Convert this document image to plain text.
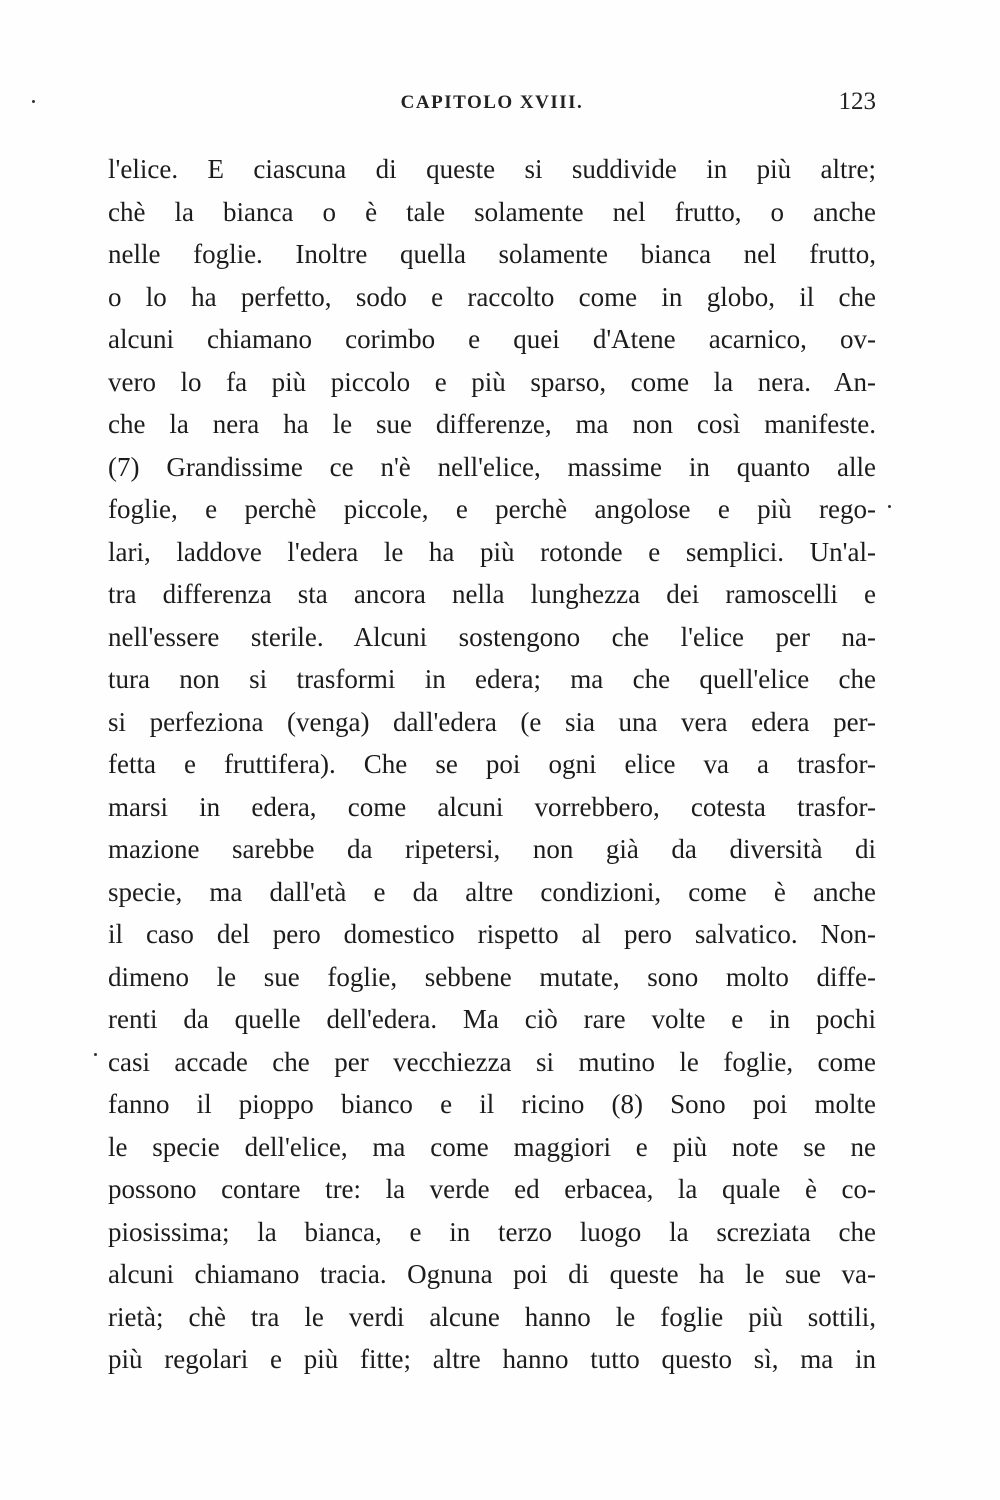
CAPITOLO XVIII.	123
l'elice. E ciascuna di queste si suddivide in più altre;
chè la bianca o è tale solamente nel frutto, o anche
nelle foglie. Inoltre quella solamente bianca nel frutto,
o lo ha perfetto, sodo e raccolto come in globo, il che
alcuni chiamano corimbo e quei d'Atene acarnico, ov-
vero lo fa più piccolo e più sparso, come la nera. An-
che la nera ha le sue differenze, ma non così manifeste.
(7) Grandissime ce n'è nell'elice, massime in quanto alle
foglie, e perchè piccole, e perchè angolose e più rego-
lari, laddove l'edera le ha più rotonde e semplici. Un'al-
tra differenza sta ancora nella lunghezza dei ramoscelli e
nell'essere sterile. Alcuni sostengono che l'elice per na-
tura non si trasformi in edera; ma che quell'elice che
si perfeziona (venga) dall'edera (e sia una vera edera per-
fetta e fruttifera). Che se poi ogni elice va a trasfor-
marsi in edera, come alcuni vorrebbero, cotesta trasfor-
mazione sarebbe da ripetersi, non già da diversità di
specie, ma dall'età e da altre condizioni, come è anche
il caso del pero domestico rispetto al pero salvatico. Non-
dimeno le sue foglie, sebbene mutate, sono molto diffe-
renti da quelle dell'edera. Ma ciò rare volte e in pochi
casi accade che per vecchiezza si mutino le foglie, come
fanno il pioppo bianco e il ricino (8) Sono poi molte
le specie dell'elice, ma come maggiori e più note se ne
possono contare tre: la verde ed erbacea, la quale è co-
piosissima; la bianca, e in terzo luogo la screziata che
alcuni chiamano tracia. Ognuna poi di queste ha le sue va-
rietà; chè tra le verdi alcune hanno le foglie più sottili,
più regolari e più fitte; altre hanno tutto questo sì, ma in
